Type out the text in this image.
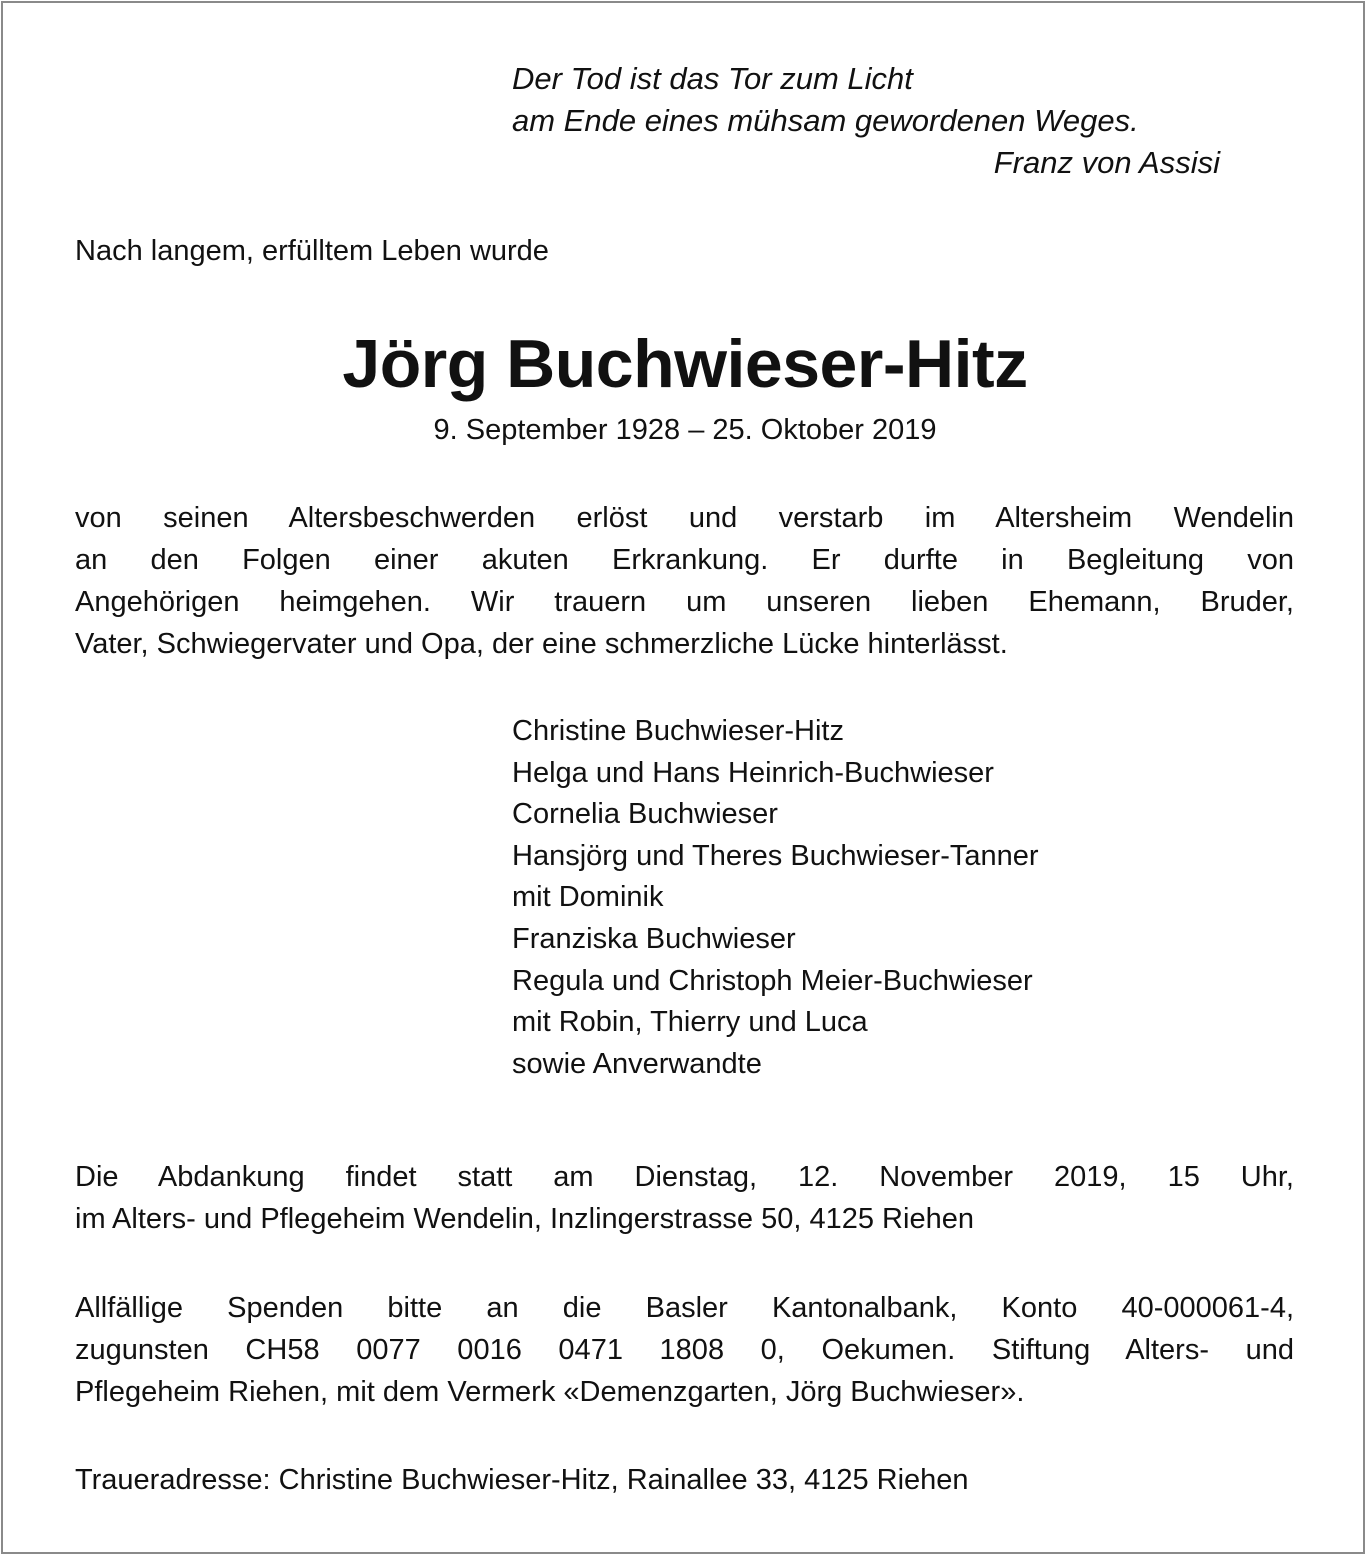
Der Tod ist das Tor zum Licht
am Ende eines mühsam gewordenen Weges.
Franz von Assisi
Nach langem, erfülltem Leben wurde
Jörg Buchwieser-Hitz
9. September 1928 – 25. Oktober 2019
von seinen Altersbeschwerden erlöst und verstarb im Altersheim Wendelin
an den Folgen einer akuten Erkrankung. Er durfte in Begleitung von
Angehörigen heimgehen. Wir trauern um unseren lieben Ehemann, Bruder,
Vater, Schwiegervater und Opa, der eine schmerzliche Lücke hinterlässt.
Christine Buchwieser-Hitz
Helga und Hans Heinrich-Buchwieser
Cornelia Buchwieser
Hansjörg und Theres Buchwieser-Tanner
mit Dominik
Franziska Buchwieser
Regula und Christoph Meier-Buchwieser
mit Robin, Thierry und Luca
sowie Anverwandte
Die Abdankung findet statt am Dienstag, 12. November 2019, 15 Uhr,
im Alters- und Pflegeheim Wendelin, Inzlingerstrasse 50, 4125 Riehen
Allfällige Spenden bitte an die Basler Kantonalbank, Konto 40-000061-4,
zugunsten CH58 0077 0016 0471 1808 0, Oekumen. Stiftung Alters- und
Pflegeheim Riehen, mit dem Vermerk «Demenzgarten, Jörg Buchwieser».
Traueradresse: Christine Buchwieser-Hitz, Rainallee 33, 4125 Riehen
